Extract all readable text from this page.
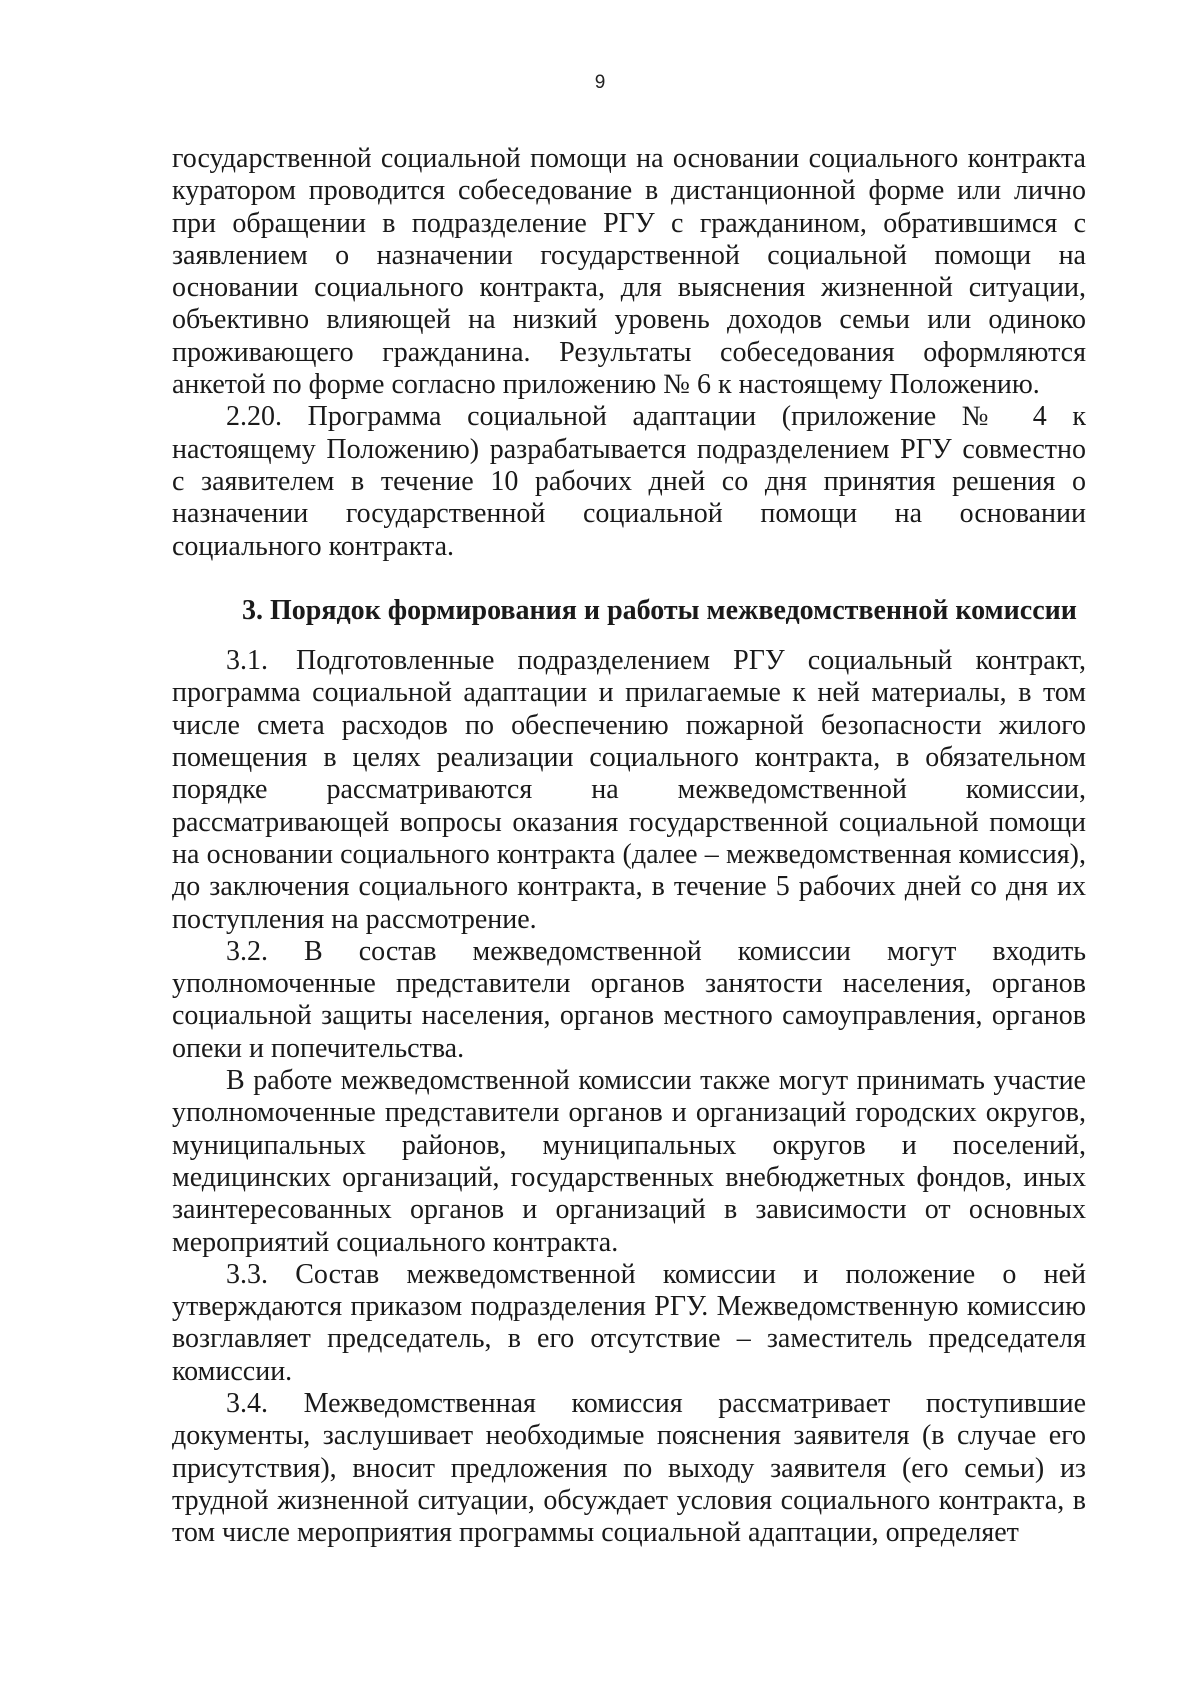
9

государственной социальной помощи на основании социального контракта куратором проводится собеседование в дистанционной форме или лично при обращении в подразделение РГУ с гражданином, обратившимся с заявлением о назначении государственной социальной помощи на основании социального контракта, для выяснения жизненной ситуации, объективно влияющей на низкий уровень доходов семьи или одиноко проживающего гражданина. Результаты собеседования оформляются анкетой по форме согласно приложению № 6 к настоящему Положению.

2.20. Программа социальной адаптации (приложение № 4 к настоящему Положению) разрабатывается подразделением РГУ совместно с заявителем в течение 10 рабочих дней со дня принятия решения о назначении государственной социальной помощи на основании социального контракта.

3. Порядок формирования и работы межведомственной комиссии

3.1. Подготовленные подразделением РГУ социальный контракт, программа социальной адаптации и прилагаемые к ней материалы, в том числе смета расходов по обеспечению пожарной безопасности жилого помещения в целях реализации социального контракта, в обязательном порядке рассматриваются на межведомственной комиссии, рассматривающей вопросы оказания государственной социальной помощи на основании социального контракта (далее – межведомственная комиссия), до заключения социального контракта, в течение 5 рабочих дней со дня их поступления на рассмотрение.

3.2. В состав межведомственной комиссии могут входить уполномоченные представители органов занятости населения, органов социальной защиты населения, органов местного самоуправления, органов опеки и попечительства.

В работе межведомственной комиссии также могут принимать участие уполномоченные представители органов и организаций городских округов, муниципальных районов, муниципальных округов и поселений, медицинских организаций, государственных внебюджетных фондов, иных заинтересованных органов и организаций в зависимости от основных мероприятий социального контракта.

3.3. Состав межведомственной комиссии и положение о ней утверждаются приказом подразделения РГУ. Межведомственную комиссию возглавляет председатель, в его отсутствие – заместитель председателя комиссии.

3.4. Межведомственная комиссия рассматривает поступившие документы, заслушивает необходимые пояснения заявителя (в случае его присутствия), вносит предложения по выходу заявителя (его семьи) из трудной жизненной ситуации, обсуждает условия социального контракта, в том числе мероприятия программы социальной адаптации, определяет
